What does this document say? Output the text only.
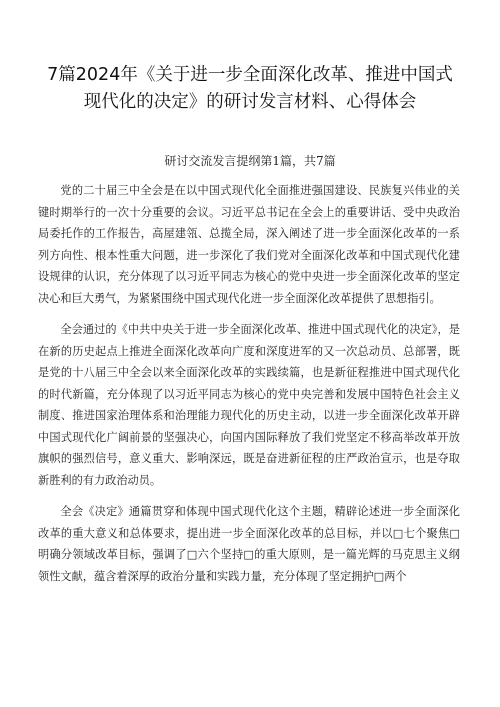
7篇2024年《关于进一步全面深化改革、推进中国式
现代化的决定》的研讨发言材料、心得体会
研讨交流发言提纲第1篇，共7篇

党的二十届三中全会是在以中国式现代化全面推进强国建设、民族复兴伟业的关键时期举行的一次十分重要的会议。习近平总书记在全会上的重要讲话、受中央政治局委托作的工作报告，高屋建瓴、总揽全局，深入阐述了进一步全面深化改革的一系列方向性、根本性重大问题，进一步深化了我们党对全面深化改革和中国式现代化建设规律的认识，充分体现了以习近平同志为核心的党中央进一步全面深化改革的坚定决心和巨大勇气，为紧紧围绕中国式现代化进一步全面深化改革提供了思想指引。

全会通过的《中共中央关于进一步全面深化改革、推进中国式现代化的决定》，是在新的历史起点上推进全面深化改革向广度和深度进军的又一次总动员、总部署，既是党的十八届三中全会以来全面深化改革的实践续篇，也是新征程推进中国式现代化的时代新篇，充分体现了以习近平同志为核心的党中央完善和发展中国特色社会主义制度、推进国家治理体系和治理能力现代化的历史主动，以进一步全面深化改革开辟中国式现代化广阔前景的坚强决心，向国内国际释放了我们党坚定不移高举改革开放旗帜的强烈信号，意义重大、影响深远，既是奋进新征程的庄严政治宣示，也是夺取新胜利的有力政治动员。

全会《决定》通篇贯穿和体现中国式现代化这个主题，精辟论述进一步全面深化改革的重大意义和总体要求，提出进一步全面深化改革的总目标，并以□七个聚焦□明确分领域改革目标，强调了□六个坚持□的重大原则，是一篇光辉的马克思主义纲领性文献，蕴含着深厚的政治分量和实践力量，充分体现了坚定拥护□两个
